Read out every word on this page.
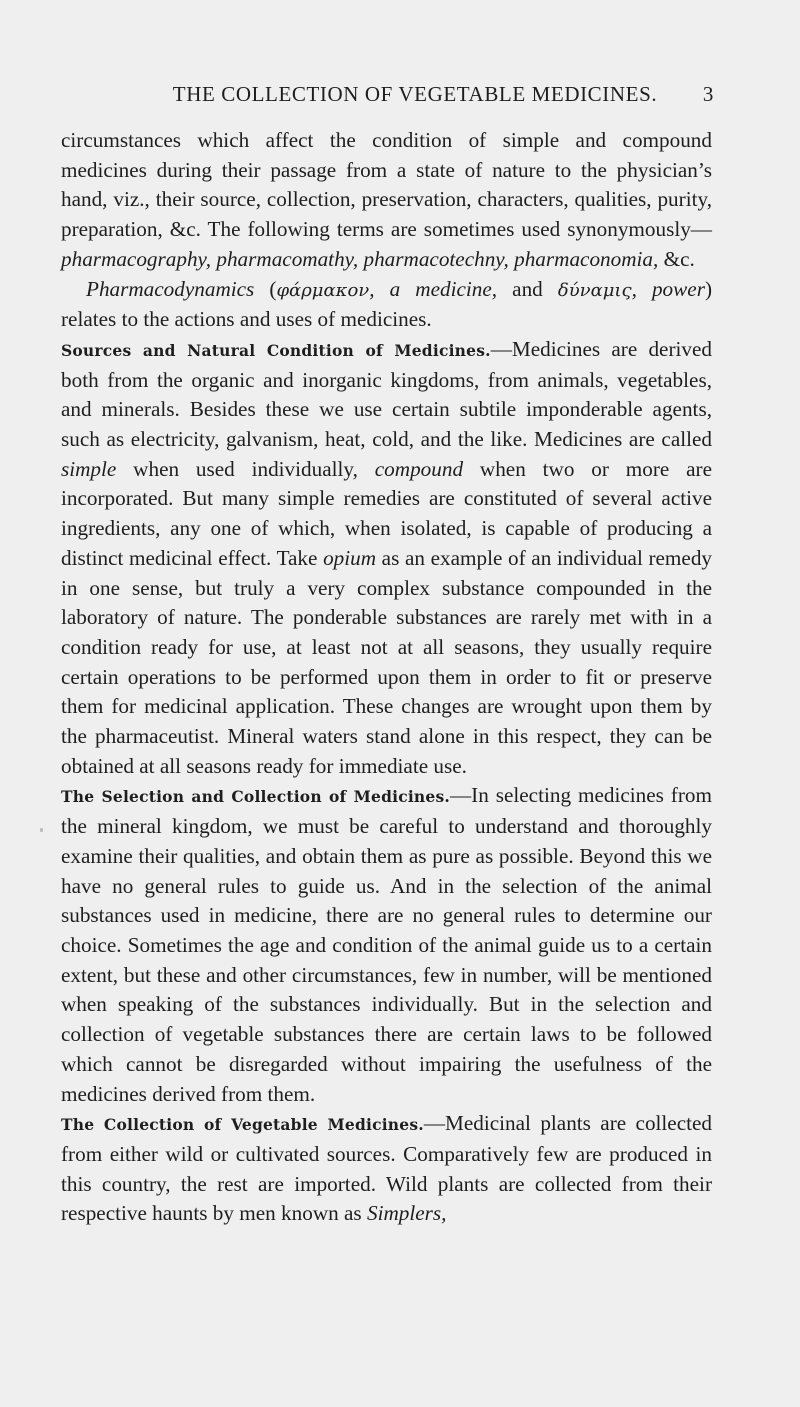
THE COLLECTION OF VEGETABLE MEDICINES.	3

circumstances which affect the condition of simple and compound medicines during their passage from a state of nature to the physician’s hand, viz., their source, collection, preservation, characters, qualities, purity, preparation, &c. The following terms are sometimes used synonymously—pharmacography, pharmacomathy, pharmacotechny, pharmaconomia, &c.

Pharmacodynamics (φάρμακον, a medicine, and δύναμις, power) relates to the actions and uses of medicines.

Sources and Natural Condition of Medicines.—Medicines are derived both from the organic and inorganic kingdoms, from animals, vegetables, and minerals. Besides these we use certain subtile imponderable agents, such as electricity, galvanism, heat, cold, and the like. Medicines are called simple when used individually, compound when two or more are incorporated. But many simple remedies are constituted of several active ingredients, any one of which, when isolated, is capable of producing a distinct medicinal effect. Take opium as an example of an individual remedy in one sense, but truly a very complex substance compounded in the laboratory of nature. The ponderable substances are rarely met with in a condition ready for use, at least not at all seasons, they usually require certain operations to be performed upon them in order to fit or preserve them for medicinal application. These changes are wrought upon them by the pharmaceutist. Mineral waters stand alone in this respect, they can be obtained at all seasons ready for immediate use.

The Selection and Collection of Medicines.—In selecting medicines from the mineral kingdom, we must be careful to understand and thoroughly examine their qualities, and obtain them as pure as possible. Beyond this we have no general rules to guide us. And in the selection of the animal substances used in medicine, there are no general rules to determine our choice. Sometimes the age and condition of the animal guide us to a certain extent, but these and other circumstances, few in number, will be mentioned when speaking of the substances individually. But in the selection and collection of vegetable substances there are certain laws to be followed which cannot be disregarded without impairing the usefulness of the medicines derived from them.

The Collection of Vegetable Medicines.—Medicinal plants are collected from either wild or cultivated sources. Comparatively few are produced in this country, the rest are imported. Wild plants are collected from their respective haunts by men known as Simplers,
